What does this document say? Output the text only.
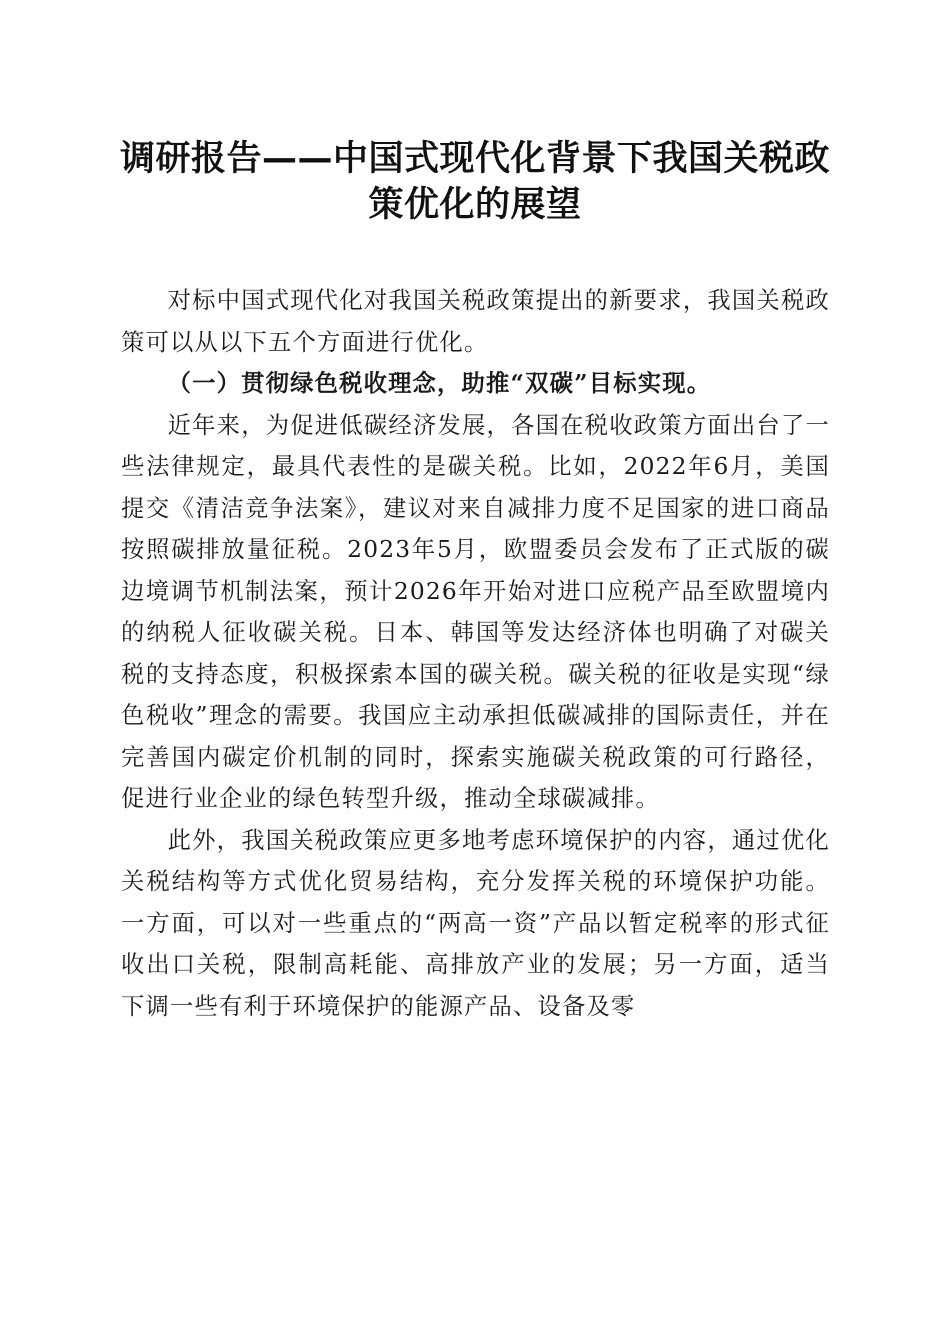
调研报告——中国式现代化背景下我国关税政
策优化的展望

对标中国式现代化对我国关税政策提出的新要求，我国关税政策可以从以下五个方面进行优化。

（一）贯彻绿色税收理念，助推“双碳”目标实现。

近年来，为促进低碳经济发展，各国在税收政策方面出台了一些法律规定，最具代表性的是碳关税。比如，2022年6月，美国提交《清洁竞争法案》，建议对来自减排力度不足国家的进口商品按照碳排放量征税。2023年5月，欧盟委员会发布了正式版的碳边境调节机制法案，预计2026年开始对进口应税产品至欧盟境内的纳税人征收碳关税。日本、韩国等发达经济体也明确了对碳关税的支持态度，积极探索本国的碳关税。碳关税的征收是实现“绿色税收”理念的需要。我国应主动承担低碳减排的国际责任，并在完善国内碳定价机制的同时，探索实施碳关税政策的可行路径，促进行业企业的绿色转型升级，推动全球碳减排。

此外，我国关税政策应更多地考虑环境保护的内容，通过优化关税结构等方式优化贸易结构，充分发挥关税的环境保护功能。一方面，可以对一些重点的“两高一资”产品以暂定税率的形式征收出口关税，限制高耗能、高排放产业的发展；另一方面，适当下调一些有利于环境保护的能源产品、设备及零
